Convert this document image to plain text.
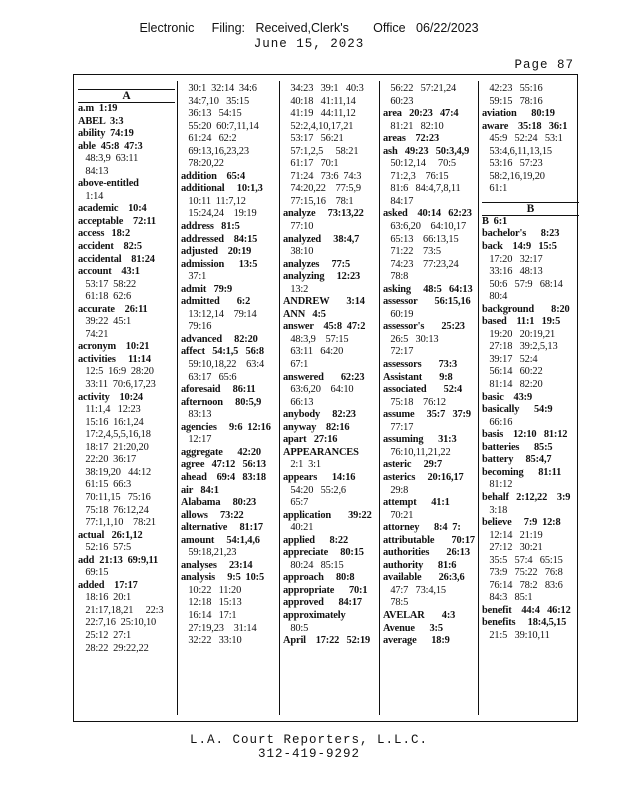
Electronic     Filing:   Received,Clerk's       Office   06/22/2023
June 15, 2023
Page 87
A
a.m  1:19
ABEL  3:3
ability  74:19
able  45:8  47:3
48:3,9  63:11
84:13
above-entitled
1:14
academic    10:4
acceptable    72:11
access   18:2
accident    82:5
accidental    81:24
account    43:1
53:17  58:22
61:18  62:6
accurate    26:11
39:22  45:1
74:21
acronym    10:21
activities     11:14
12:5  16:9  28:20
33:11  70:6,17,23
activity    10:24
11:1,4   12:23
15:16  16:1,24
17:2,4,5,5,16,18
18:17  21:20,20
22:20  36:17
38:19,20   44:12
61:15  66:3
70:11,15   75:16
75:18  76:12,24
77:1,1,10    78:21
actual   26:1,12
52:16  57:5
add  21:13  69:9,11
69:15
added    17:17
18:16  20:1
21:17,18,21     22:3
22:7,16  25:10,10
25:12  27:1
28:22  29:22,22
30:1  32:14  34:6
34:7,10   35:15
36:13   54:15
55:20  60:7,11,14
61:24   62:2
69:13,16,23,23
78:20,22
addition    65:4
additional     10:1,3
10:11  11:7,12
15:24,24    19:19
address   81:5
addressed    84:15
adjusted    20:19
admission      13:5
37:1
admit   79:9
admitted       6:2
13:12,14    79:14
79:16
advanced     82:20
affect   54:1,5   56:8
59:10,18,22    63:4
63:17   65:6
aforesaid     86:11
afternoon     80:5,9
83:13
agencies     9:6  12:16
12:17
aggregate      42:20
agree   47:12   56:13
ahead    69:4   83:18
air   84:1
Alabama     80:23
allows     73:22
alternative     81:17
amount     54:1,4,6
59:18,21,23
analyses     23:14
analysis     9:5  10:5
10:22   11:20
12:18   15:13
16:14   17:1
27:19,23    31:14
32:22   33:10
34:23   39:1   40:3
40:18   41:11,14
41:19   44:11,12
52:2,4,10,17,21
53:17   56:21
57:1,2,5     58:21
61:17   70:1
71:24   73:6  74:3
74:20,22    77:5,9
77:15,16    78:1
analyze     73:13,22
77:10
analyzed     38:4,7
38:10
analyzes     77:5
analyzing     12:23
13:2
ANDREW       3:14
ANN   4:5
answer    45:8  47:2
48:3,9    57:15
63:11   64:20
67:1
answered       62:23
63:6,20    64:10
66:13
anybody     82:23
anyway    82:16
apart   27:16
APPEARANCES
2:1  3:1
appears      14:16
54:20   55:2,6
65:7
application       39:22
40:21
applied      8:22
appreciate     80:15
80:24   85:15
approach     80:8
appropriate      70:1
approved      84:17
approximately
80:5
April    17:22   52:19
56:22   57:21,24
60:23
area   20:23   47:4
81:21   82:10
areas    72:23
ash   49:23   50:3,4,9
50:12,14     70:5
71:2,3    76:15
81:6   84:4,7,8,11
84:17
asked    40:14   62:23
63:6,20    64:10,17
65:13    66:13,15
71:22    73:5
74:23    77:23,24
78:8
asking     48:5   64:13
assessor       56:15,16
60:19
assessor's       25:23
26:5   30:13
72:17
assessors       73:3
Assistant       9:8
associated       52:4
75:18    76:12
assume     35:7   37:9
77:17
assuming      31:3
76:10,11,21,22
asteric     29:7
asterics     20:16,17
29:8
attempt      41:1
70:21
attorney      8:4  7:
attributable       70:17
authorities       26:13
authority      81:6
available       26:3,6
47:7   73:4,15
78:5
AVELAR       4:3
Avenue      3:5
average      18:9
42:23   55:16
59:15   78:16
aviation      80:19
aware    35:18   36:1
45:9   52:24   53:1
53:4,6,11,13,15
53:16   57:23
58:2,16,19,20
61:1
B
B  6:1
bachelor's      8:23
back    14:9   15:5
17:20   32:17
33:16   48:13
50:6   57:9   68:14
80:4
background       8:20
based    11:1   19:5
19:20   20:19,21
27:18   39:2,5,13
39:17   52:4
56:14   60:22
81:14   82:20
basic    43:9
basically      54:9
66:16
basis    12:10   81:12
batteries      85:5
battery     85:4,7
becoming      81:11
81:12
behalf   2:12,22    3:9
3:18
believe     7:9  12:8
12:14   21:19
27:12   30:21
35:5   57:4   65:15
73:9   75:22   76:8
76:14   78:2   83:6
84:3   85:1
benefit    44:4   46:12
benefits     18:4,5,15
21:5   39:10,11
L.A. Court Reporters, L.L.C.
312-419-9292
